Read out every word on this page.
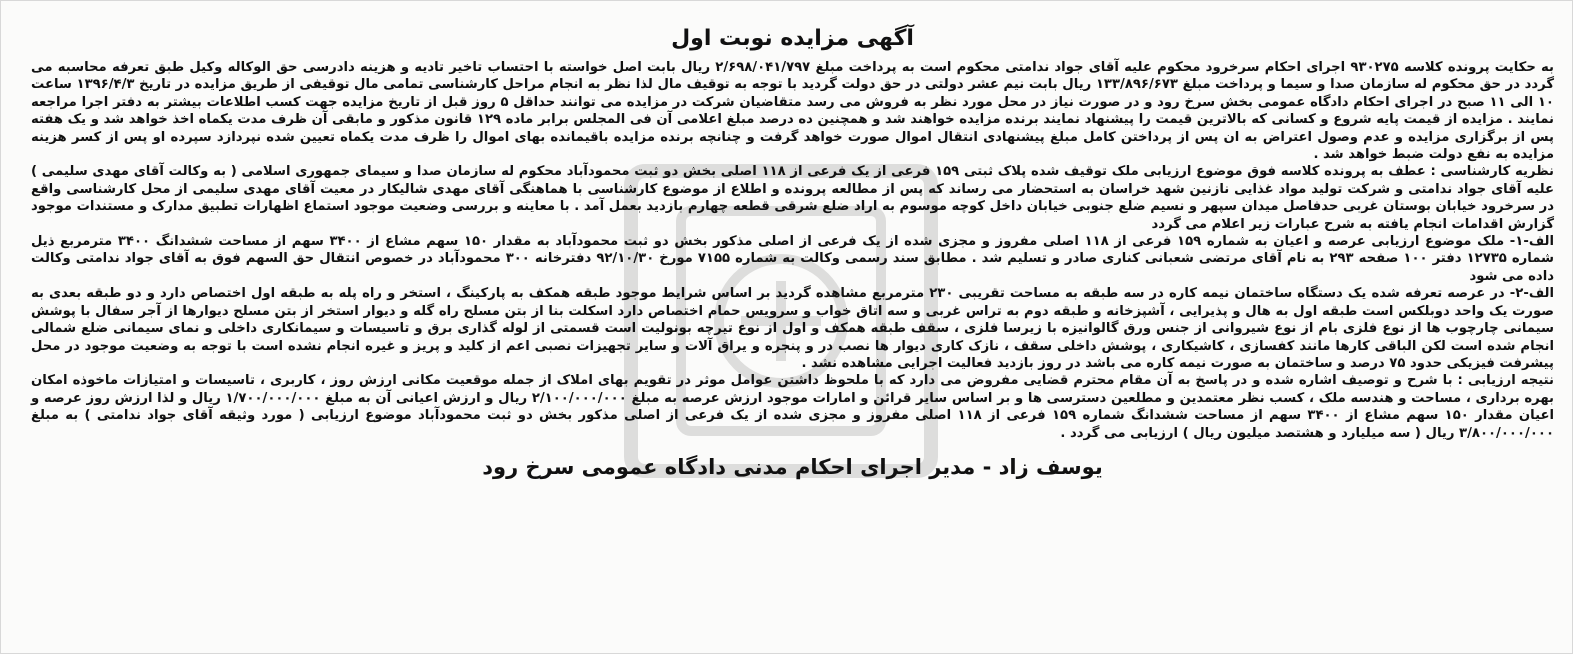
آگهی مزایده نوبت اول

به حکایت پرونده کلاسه ۹۳۰۲۷۵ اجرای احکام سرخرود محکوم علیه آقای جواد ندامتی محکوم است به پرداخت مبلغ ۲/۶۹۸/۰۴۱/۷۹۷ ریال بابت اصل خواسته با احتساب تاخیر تادیه و هزینه دادرسی حق الوکاله وکیل طبق تعرفه محاسبه می گردد در حق محکوم له سازمان صدا و سیما و پرداخت مبلغ ۱۳۳/۸۹۶/۶۷۳ ریال بابت نیم عشر دولتی در حق دولت گردید با توجه به توقیف مال لذا نظر به انجام مراحل کارشناسی تمامی مال توقیفی از طریق مزایده در تاریخ ۱۳۹۶/۴/۳ ساعت ۱۰ الی ۱۱ صبح در اجرای احکام دادگاه عمومی بخش سرخ رود و در صورت نیاز در محل مورد نظر به فروش می رسد متقاضیان شرکت در مزایده می توانند حداقل ۵ روز قبل از تاریخ مزایده جهت کسب اطلاعات بیشتر به دفتر اجرا مراجعه نمایند . مزایده از قیمت پایه شروع و کسانی که بالاترین قیمت را پیشنهاد نمایند برنده مزایده خواهند شد و همچنین ده درصد مبلغ اعلامی آن فی المجلس برابر ماده ۱۲۹ قانون مذکور و مابقی آن ظرف مدت یکماه اخذ خواهد شد و یک هفته پس از برگزاری مزایده و عدم وصول اعتراض به ان پس از پرداختن کامل مبلغ پیشنهادی انتقال اموال صورت خواهد گرفت و چنانچه برنده مزایده باقیمانده بهای اموال را ظرف مدت یکماه تعیین شده نپردازد سپرده او پس از کسر هزینه مزایده به نفع دولت ضبط خواهد شد .

نظریه کارشناسی : عطف به پرونده کلاسه فوق موضوع ارزیابی ملک توقیف شده پلاک ثبتی ۱۵۹ فرعی از یک فرعی از ۱۱۸ اصلی بخش دو ثبت محمودآباد محکوم له سازمان صدا و سیمای جمهوری اسلامی ( به وکالت آقای مهدی سلیمی ) علیه آقای جواد ندامتی و شرکت تولید مواد غذایی نازنین شهد خراسان به استحضار می رساند که پس از مطالعه پرونده و اطلاع از موضوع کارشناسی با هماهنگی آقای مهدی شالیکار در معیت آقای مهدی سلیمی از محل کارشناسی واقع در سرخرود خیابان بوستان غربی حدفاصل میدان سپهر و نسیم ضلع جنوبی خیابان داخل کوچه موسوم به اراد ضلع شرقی قطعه چهارم بازدید بعمل آمد . با معاینه و بررسی وضعیت موجود استماع اظهارات تطبیق مدارک و مستندات موجود گزارش اقدامات انجام یافته به شرح عبارات زیر اعلام می گردد

الف-۱- ملک موضوع ارزیابی عرصه و اعیان به شماره ۱۵۹ فرعی از ۱۱۸ اصلی مفروز و مجزی شده از یک فرعی از اصلی مذکور بخش دو ثبت محمودآباد به مقدار ۱۵۰ سهم مشاع از ۳۴۰۰ سهم از مساحت ششدانگ ۳۴۰۰ مترمربع ذیل شماره ۱۲۷۳۵ دفتر ۱۰۰ صفحه ۲۹۳ به نام آقای مرتضی شعبانی کناری صادر و تسلیم شد . مطابق سند رسمی وکالت به شماره ۷۱۵۵ مورخ ۹۲/۱۰/۳۰ دفترخانه ۳۰۰ محمودآباد در خصوص انتقال حق السهم فوق به آقای جواد ندامتی وکالت داده می شود

الف-۲- در عرصه تعرفه شده یک دستگاه ساختمان نیمه کاره در سه طبقه به مساحت تقریبی ۲۳۰ مترمربع مشاهده گردید بر اساس شرایط موجود طبقه همکف به پارکینگ ، استخر و راه پله به طبقه اول اختصاص دارد و دو طبقه بعدی به صورت یک واحد دوبلکس است طبقه اول به هال و پذیرایی ، آشپزخانه و طبقه دوم به تراس غربی و سه اتاق خواب و سرویس حمام اختصاص دارد اسکلت بنا از بتن مسلح راه گله و دیوار استخر از بتن مسلح دیوارها از آجر سفال با پوشش سیمانی چارچوب ها از نوع فلزی بام از نوع شیروانی از جنس ورق گالوانیزه با زیرسا فلزی ، سقف طبقه همکف و اول از نوع تیرچه بونولیت است قسمتی از لوله گذاری برق و تاسیسات و سیمانکاری داخلی و نمای سیمانی ضلع شمالی انجام شده است لکن الباقی کارها مانند کفسازی ، کاشیکاری ، پوشش داخلی سقف ، نازک کاری دیوار ها نصب در و پنجره و یراق آلات و سایر تجهیزات نصبی اعم از کلید و پریز و غیره انجام نشده است با توجه به وضعیت موجود در محل پیشرفت فیزیکی حدود ۷۵ درصد و ساختمان به صورت نیمه کاره می باشد در روز بازدید فعالیت اجرایی مشاهده نشد .

نتیجه ارزیابی : با شرح و توصیف اشاره شده و در پاسخ به آن مقام محترم قضایی مفروض می دارد که با ملحوظ داشتن عوامل موثر در تقویم بهای املاک از جمله موقعیت مکانی ارزش روز ، کاربری ، تاسیسات و امتیازات ماخوذه امکان بهره برداری ، مساحت و هندسه ملک ، کسب نظر معتمدین و مطلعین دسترسی ها و بر اساس سایر قرائن و امارات موجود ارزش عرصه به مبلغ ۲/۱۰۰/۰۰۰/۰۰۰ ریال و ارزش اعیانی آن به مبلغ ۱/۷۰۰/۰۰۰/۰۰۰ ریال و لذا ارزش روز عرصه و اعیان مقدار ۱۵۰ سهم مشاع از ۳۴۰۰ سهم از مساحت ششدانگ شماره ۱۵۹ فرعی از ۱۱۸ اصلی مفروز و مجزی شده از یک فرعی از اصلی مذکور بخش دو ثبت محمودآباد موضوع ارزیابی ( مورد وثیقه آقای جواد ندامتی ) به مبلغ ۳/۸۰۰/۰۰۰/۰۰۰ ریال ( سه میلیارد و هشتصد میلیون ریال ) ارزیابی می گردد .

یوسف زاد - مدیر اجرای احکام مدنی دادگاه عمومی سرخ رود
